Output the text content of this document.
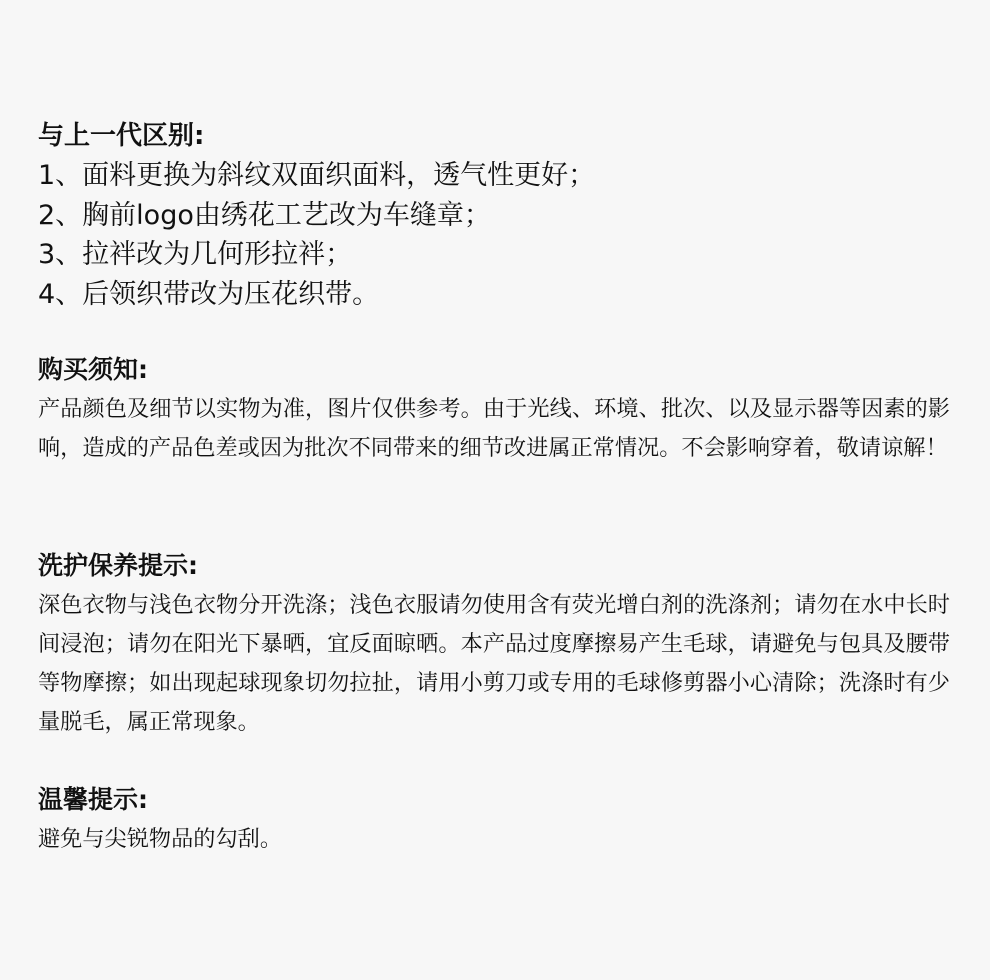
与上一代区别:
1、面料更换为斜纹双面织面料，透气性更好；
2、胸前logo由绣花工艺改为车缝章；
3、拉袢改为几何形拉袢；
4、后领织带改为压花织带。
购买须知:

产品颜色及细节以实物为准，图片仅供参考。由于光线、环境、批次、以及显示器等因素的影响，造成的产品色差或因为批次不同带来的细节改进属正常情况。不会影响穿着，敬请谅解！

洗护保养提示:

深色衣物与浅色衣物分开洗涤；浅色衣服请勿使用含有荧光增白剂的洗涤剂；请勿在水中长时间浸泡；请勿在阳光下暴晒，宜反面晾晒。本产品过度摩擦易产生毛球，请避免与包具及腰带等物摩擦；如出现起球现象切勿拉扯，请用小剪刀或专用的毛球修剪器小心清除；洗涤时有少量脱毛，属正常现象。

温馨提示:

避免与尖锐物品的勾刮。
